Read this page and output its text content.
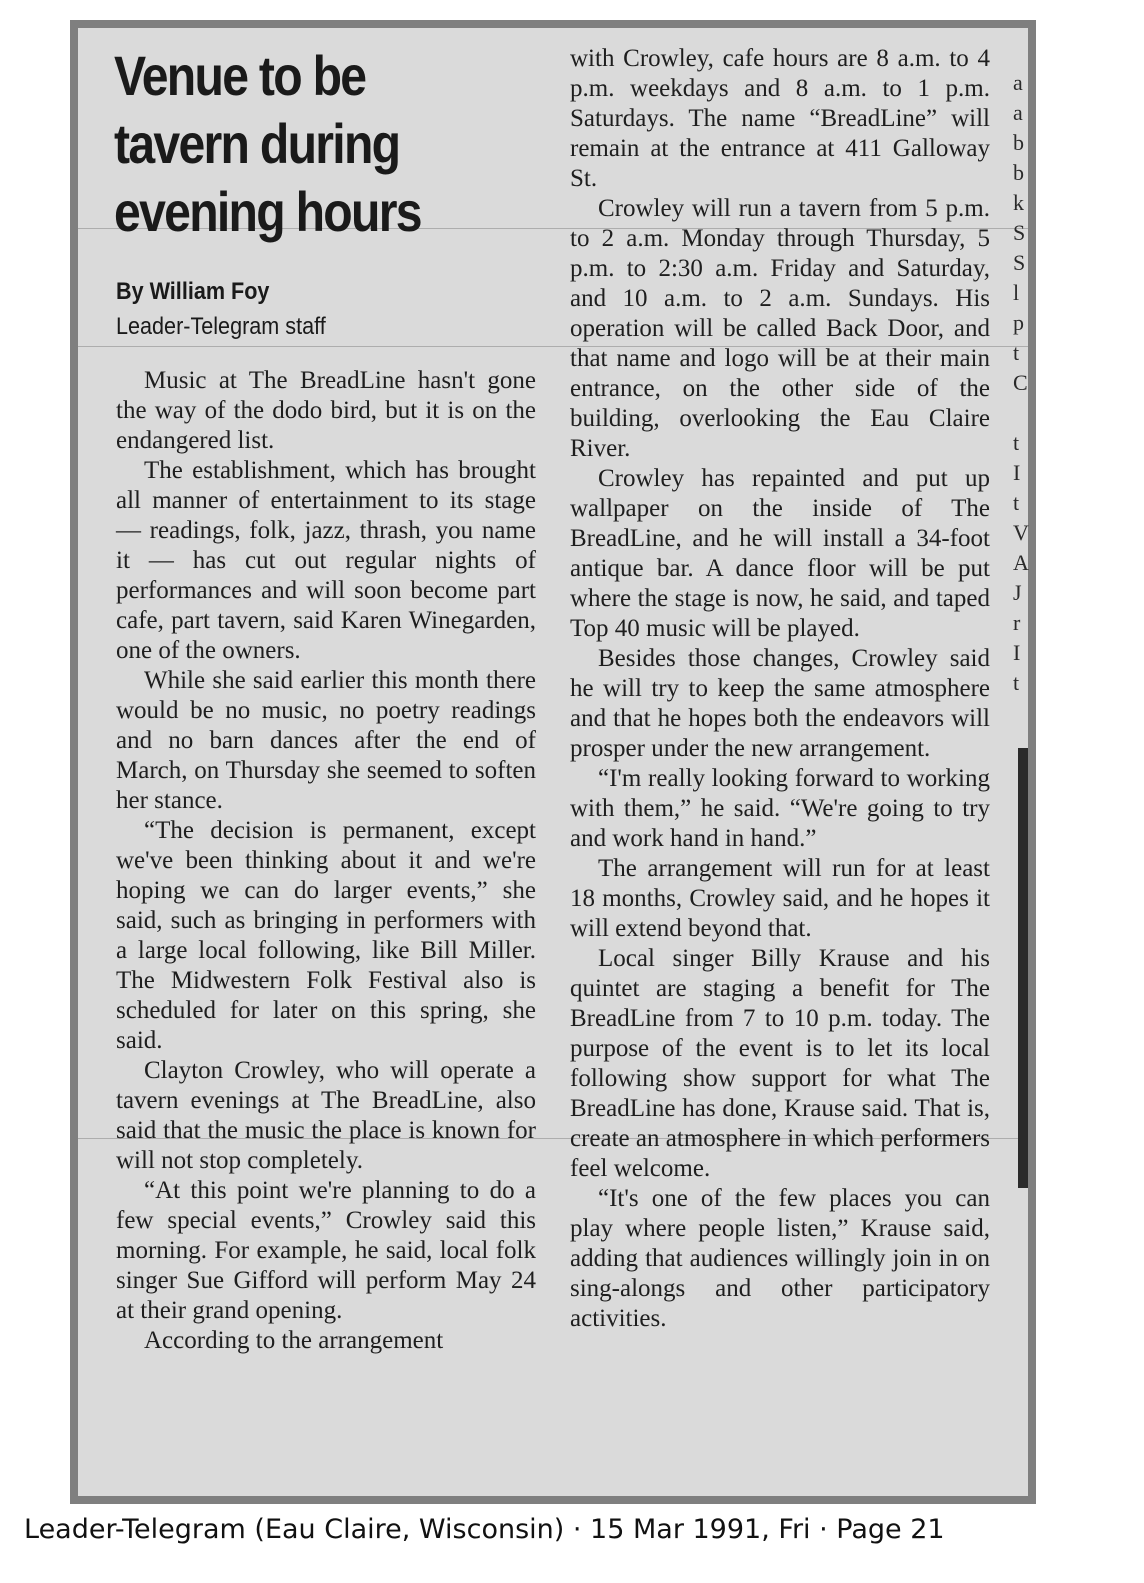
Venue to be tavern during evening hours
By William Foy
Leader-Telegram staff

Music at The BreadLine hasn't gone the way of the dodo bird, but it is on the endangered list.

The establishment, which has brought all manner of entertainment to its stage — readings, folk, jazz, thrash, you name it — has cut out regular nights of performances and will soon become part cafe, part tavern, said Karen Winegarden, one of the owners.

While she said earlier this month there would be no music, no poetry readings and no barn dances after the end of March, on Thursday she seemed to soften her stance.

“The decision is permanent, except we've been thinking about it and we're hoping we can do larger events,” she said, such as bringing in performers with a large local following, like Bill Miller. The Midwestern Folk Festival also is scheduled for later on this spring, she said.

Clayton Crowley, who will operate a tavern evenings at The BreadLine, also said that the music the place is known for will not stop completely.

“At this point we're planning to do a few special events,” Crowley said this morning. For example, he said, local folk singer Sue Gifford will perform May 24 at their grand opening.

According to the arrangement

with Crowley, cafe hours are 8 a.m. to 4 p.m. weekdays and 8 a.m. to 1 p.m. Saturdays. The name “BreadLine” will remain at the entrance at 411 Galloway St.

Crowley will run a tavern from 5 p.m. to 2 a.m. Monday through Thursday, 5 p.m. to 2:30 a.m. Friday and Saturday, and 10 a.m. to 2 a.m. Sundays. His operation will be called Back Door, and that name and logo will be at their main entrance, on the other side of the building, overlooking the Eau Claire River.

Crowley has repainted and put up wallpaper on the inside of The BreadLine, and he will install a 34-foot antique bar. A dance floor will be put where the stage is now, he said, and taped Top 40 music will be played.

Besides those changes, Crowley said he will try to keep the same atmosphere and that he hopes both the endeavors will prosper under the new arrangement.

“I'm really looking forward to working with them,” he said. “We're going to try and work hand in hand.”

The arrangement will run for at least 18 months, Crowley said, and he hopes it will extend beyond that.

Local singer Billy Krause and his quintet are staging a benefit for The BreadLine from 7 to 10 p.m. today. The purpose of the event is to let its local following show support for what The BreadLine has done, Krause said. That is, create an atmosphere in which performers feel welcome.

“It's one of the few places you can play where people listen,” Krause said, adding that audiences willingly join in on sing-alongs and other participatory activities.

a
a
b
b
k
S
S
l
p
t
C

t
I
t
V
A
J
r
I
t
Leader-Telegram (Eau Claire, Wisconsin) · 15 Mar 1991, Fri · Page 21
